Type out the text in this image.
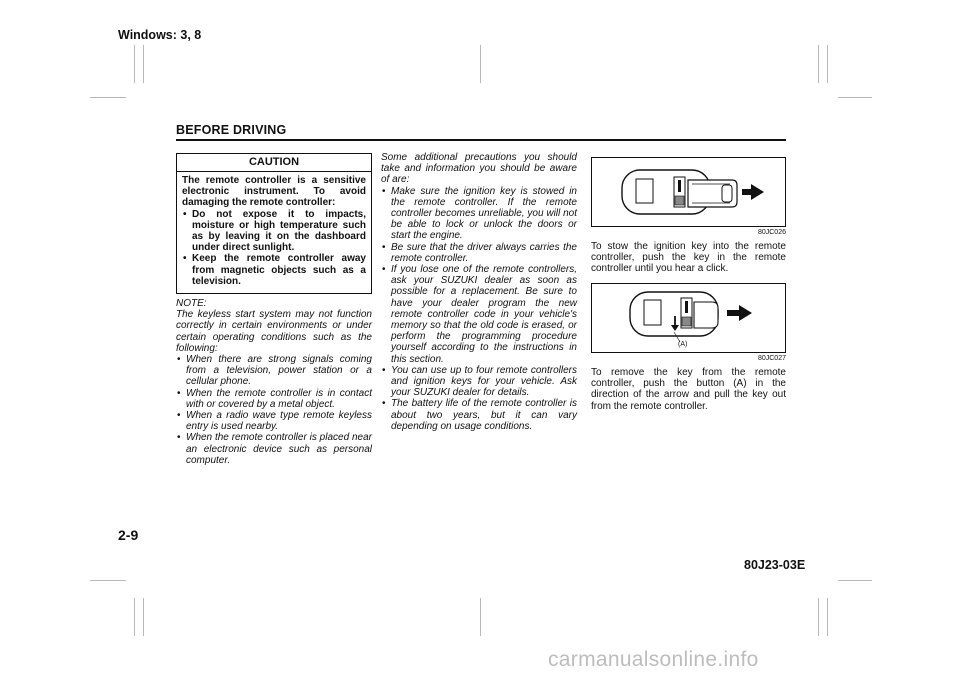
Windows: 3, 8
BEFORE DRIVING
CAUTION
The remote controller is a sensitive electronic instrument. To avoid damaging the remote controller:
• Do not expose it to impacts, moisture or high temperature such as by leaving it on the dashboard under direct sunlight.
• Keep the remote controller away from magnetic objects such as a television.
NOTE:
The keyless start system may not function correctly in certain environments or under certain operating conditions such as the following:
• When there are strong signals coming from a television, power station or a cellular phone.
• When the remote controller is in contact with or covered by a metal object.
• When a radio wave type remote keyless entry is used nearby.
• When the remote controller is placed near an electronic device such as personal computer.
Some additional precautions you should take and information you should be aware of are:
• Make sure the ignition key is stowed in the remote controller. If the remote controller becomes unreliable, you will not be able to lock or unlock the doors or start the engine.
• Be sure that the driver always carries the remote controller.
• If you lose one of the remote controllers, ask your SUZUKI dealer as soon as possible for a replacement. Be sure to have your dealer program the new remote controller code in your vehicle's memory so that the old code is erased, or perform the programming procedure yourself according to the instructions in this section.
• You can use up to four remote controllers and ignition keys for your vehicle. Ask your SUZUKI dealer for details.
• The battery life of the remote controller is about two years, but it can vary depending on usage conditions.
80JC026
To stow the ignition key into the remote controller, push the key in the remote controller until you hear a click.
(A)
80JC027
To remove the key from the remote controller, push the button (A) in the direction of the arrow and pull the key out from the remote controller.
2-9
80J23-03E
carmanualsonline.info
